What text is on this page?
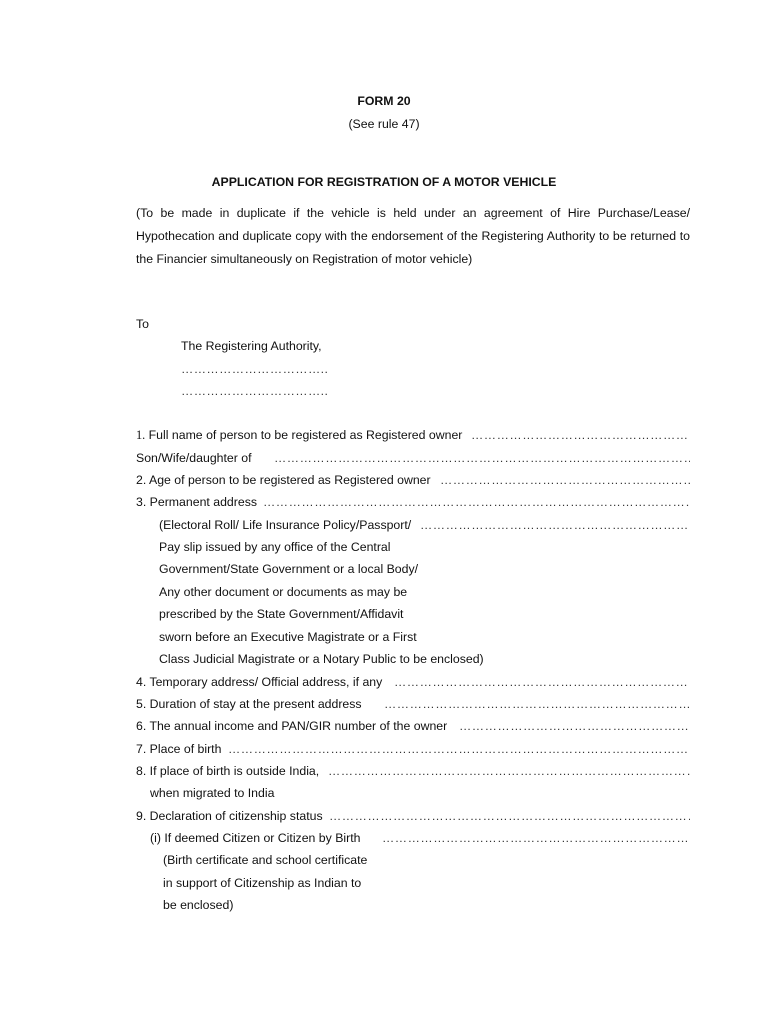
FORM 20
(See rule 47)
APPLICATION FOR REGISTRATION OF A MOTOR VEHICLE
(To be made in duplicate if the vehicle is held under an agreement of Hire Purchase/Lease/ Hypothecation and duplicate copy with the endorsement of the Registering Authority to be returned to the Financier simultaneously on Registration of motor vehicle)
To
The Registering Authority,
……………………………..
……………………………..
1. Full name of person to be registered as Registered owner
……………………………………………………………………………………………………………………………………………
Son/Wife/daughter of
……………………………………………………………………………………………………………………………………………
2. Age of person to be registered as Registered owner
……………………………………………………………………………………………………………………………………………
3. Permanent address
……………………………………………………………………………………………………………………………………………
(Electoral Roll/ Life Insurance Policy/Passport/
……………………………………………………………………………………………………………………………………………
Pay slip issued by any office of the Central
Government/State Government or a local Body/
Any other document or documents as may be
prescribed by the State Government/Affidavit
sworn before an Executive Magistrate or a First
Class Judicial Magistrate or a Notary Public to be enclosed)
4. Temporary address/ Official address, if any
……………………………………………………………………………………………………………………………………………
5. Duration of stay at the present address
……………………………………………………………………………………………………………………………………………
6. The annual income and PAN/GIR number of the owner
……………………………………………………………………………………………………………………………………………
7. Place of birth
……………………………………………………………………………………………………………………………………………
8. If place of birth is outside India,
……………………………………………………………………………………………………………………………………………
when migrated to India
9. Declaration of citizenship status
……………………………………………………………………………………………………………………………………………
(i) If deemed Citizen or Citizen by Birth
……………………………………………………………………………………………………………………………………………
(Birth certificate and school certificate
in support of Citizenship as Indian to
be enclosed)
